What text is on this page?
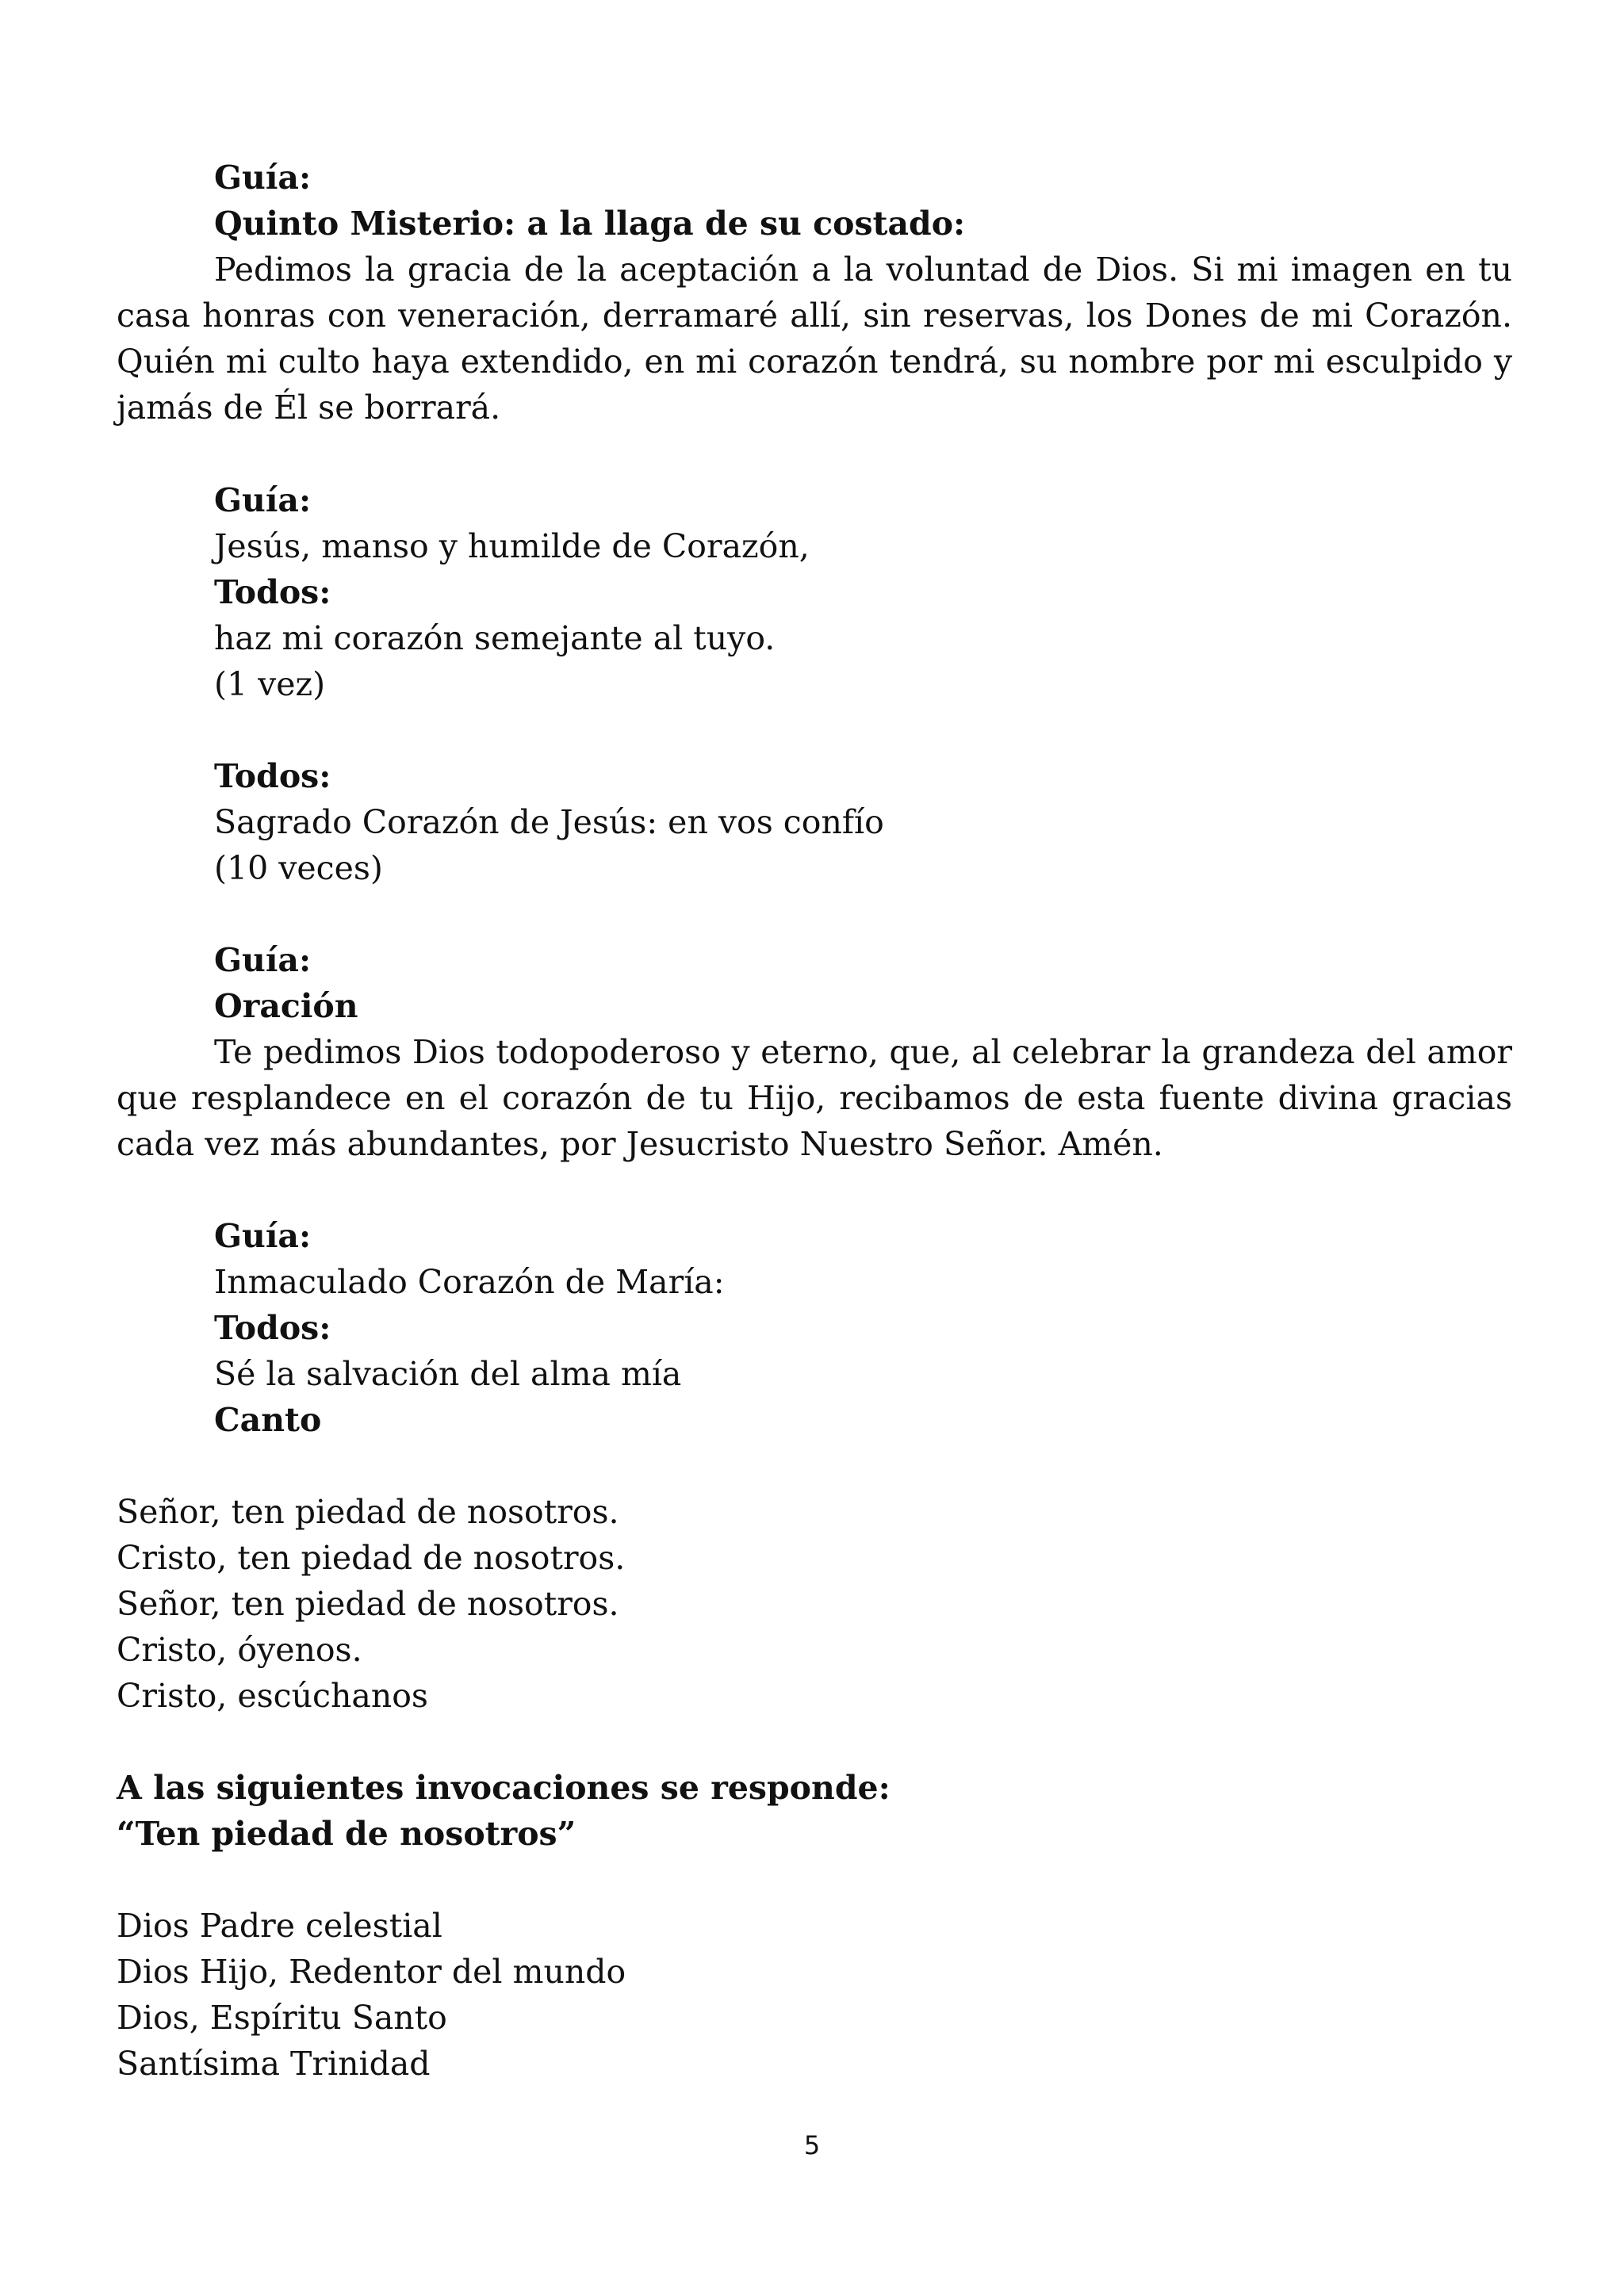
Guía:

Quinto Misterio: a la llaga de su costado:

Pedimos la gracia de la aceptación a la voluntad de Dios. Si mi imagen en tu casa honras con veneración, derramaré allí, sin reservas, los Dones de mi Corazón. Quién mi culto haya extendido, en mi corazón tendrá, su nombre por mi esculpido y jamás de Él se borrará.

Guía:

Jesús, manso y humilde de Corazón,

Todos:

haz mi corazón semejante al tuyo.

(1 vez)

Todos:

Sagrado Corazón de Jesús: en vos confío

(10 veces)

Guía:

Oración

Te pedimos Dios todopoderoso y eterno, que, al celebrar la grandeza del amor que resplandece en el corazón de tu Hijo, recibamos de esta fuente divina gracias cada vez más abundantes, por Jesucristo Nuestro Señor. Amén.

Guía:

Inmaculado Corazón de María:

Todos:

Sé la salvación del alma mía

Canto

Señor, ten piedad de nosotros.

Cristo, ten piedad de nosotros.

Señor, ten piedad de nosotros.

Cristo, óyenos.

Cristo, escúchanos

A las siguientes invocaciones se responde:

“Ten piedad de nosotros”

Dios Padre celestial

Dios Hijo, Redentor del mundo

Dios, Espíritu Santo

Santísima Trinidad

5
